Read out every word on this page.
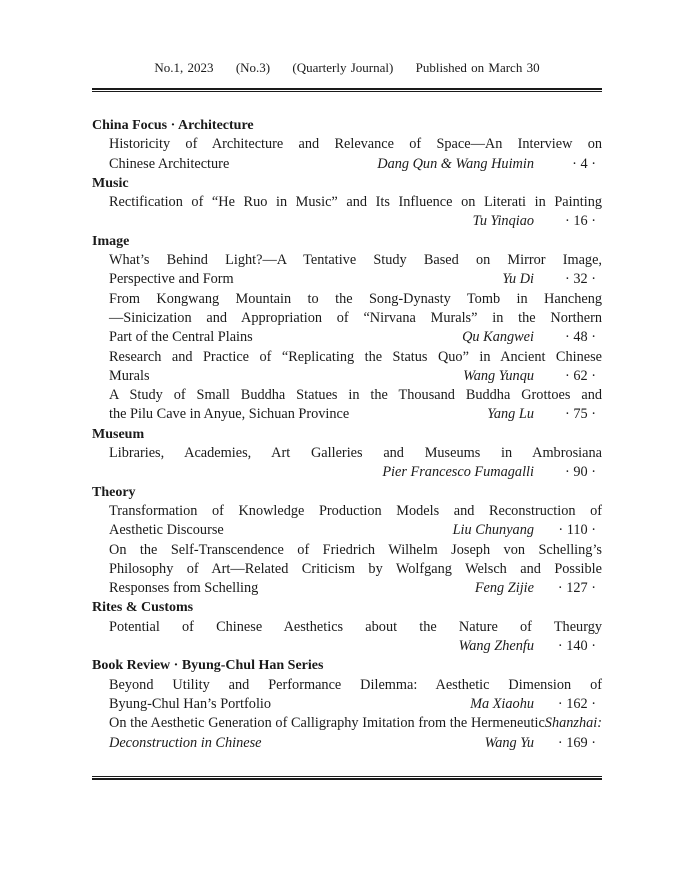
No.1, 2023 (No.3) (Quarterly Journal) Published on March 30
China Focus · Architecture
Historicity of Architecture and Relevance of Space—An Interview on
Chinese Architecture	Dang Qun & Wang Huimin	· 4 ·
Music
Rectification of “He Ruo in Music” and Its Influence on Literati in Painting
Tu Yinqiao · 16 ·
Image
What’s Behind Light?—A Tentative Study Based on Mirror Image,
Perspective and Form	Yu Di · 32 ·
From Kongwang Mountain to the Song-Dynasty Tomb in Hancheng
—Sinicization and Appropriation of “Nirvana Murals” in the Northern
Part of the Central Plains	Qu Kangwei · 48 ·
Research and Practice of “Replicating the Status Quo” in Ancient Chinese
Murals	Wang Yunqu · 62 ·
A Study of Small Buddha Statues in the Thousand Buddha Grottoes and
the Pilu Cave in Anyue, Sichuan Province	Yang Lu · 75 ·
Museum
Libraries, Academies, Art Galleries and Museums in Ambrosiana
Pier Francesco Fumagalli · 90 ·
Theory
Transformation of Knowledge Production Models and Reconstruction of
Aesthetic Discourse	Liu Chunyang · 110 ·
On the Self-Transcendence of Friedrich Wilhelm Joseph von Schelling’s
Philosophy of Art—Related Criticism by Wolfgang Welsch and Possible
Responses from Schelling	Feng Zijie · 127 ·
Rites & Customs
Potential of Chinese Aesthetics about the Nature of Theurgy
Wang Zhenfu · 140 ·
Book Review · Byung-Chul Han Series
Beyond Utility and Performance Dilemma: Aesthetic Dimension of
Byung-Chul Han’s Portfolio	Ma Xiaohu · 162 ·
On the Aesthetic Generation of Calligraphy Imitation from the HermeneuticShanzhai:
Deconstruction in Chinese	Wang Yu · 169 ·
